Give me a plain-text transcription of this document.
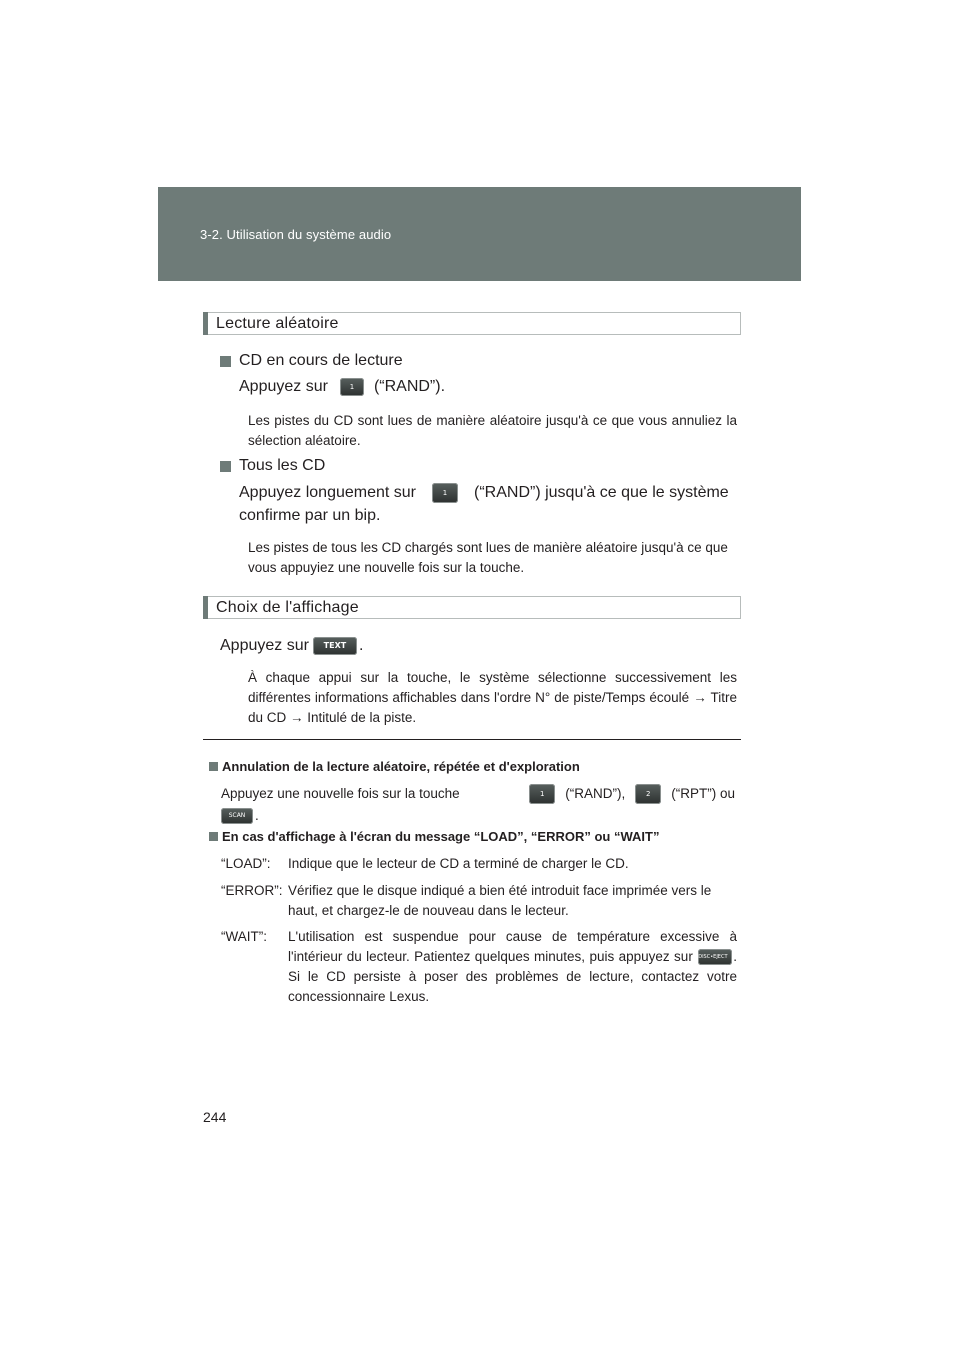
3-2. Utilisation du système audio
Lecture aléatoire
CD en cours de lecture
Appuyez sur	1	(“RAND”).
Les pistes du CD sont lues de manière aléatoire jusqu'à ce que vous annuliez la sélection aléatoire.
Tous les CD
Appuyez longuement sur	1	(“RAND”) jusqu'à ce que le système
confirme par un bip.
Les pistes de tous les CD chargés sont lues de manière aléatoire jusqu'à ce que vous appuyiez une nouvelle fois sur la touche.
Choix de l'affichage
Appuyez sur	TEXT .
À chaque appui sur la touche, le système sélectionne successivement les différentes informations affichables dans l'ordre N° de piste/Temps écoulé → Titre du CD → Intitulé de la piste.
Annulation de la lecture aléatoire, répétée et d'exploration
Appuyez une nouvelle fois sur la touche	1	(“RAND”),	2	(“RPT”) ou
SCAN .
En cas d'affichage à l'écran du message “LOAD”, “ERROR” ou “WAIT”
“LOAD”: Indique que le lecteur de CD a terminé de charger le CD.
“ERROR”: Vérifiez que le disque indiqué a bien été introduit face imprimée vers le haut, et chargez-le de nouveau dans le lecteur.
“WAIT”: L'utilisation est suspendue pour cause de température excessive à l'intérieur du lecteur. Patientez quelques minutes, puis appuyez sur DISC•EJECT . Si le CD persiste à poser des problèmes de lecture, contactez votre concessionnaire Lexus.
244
